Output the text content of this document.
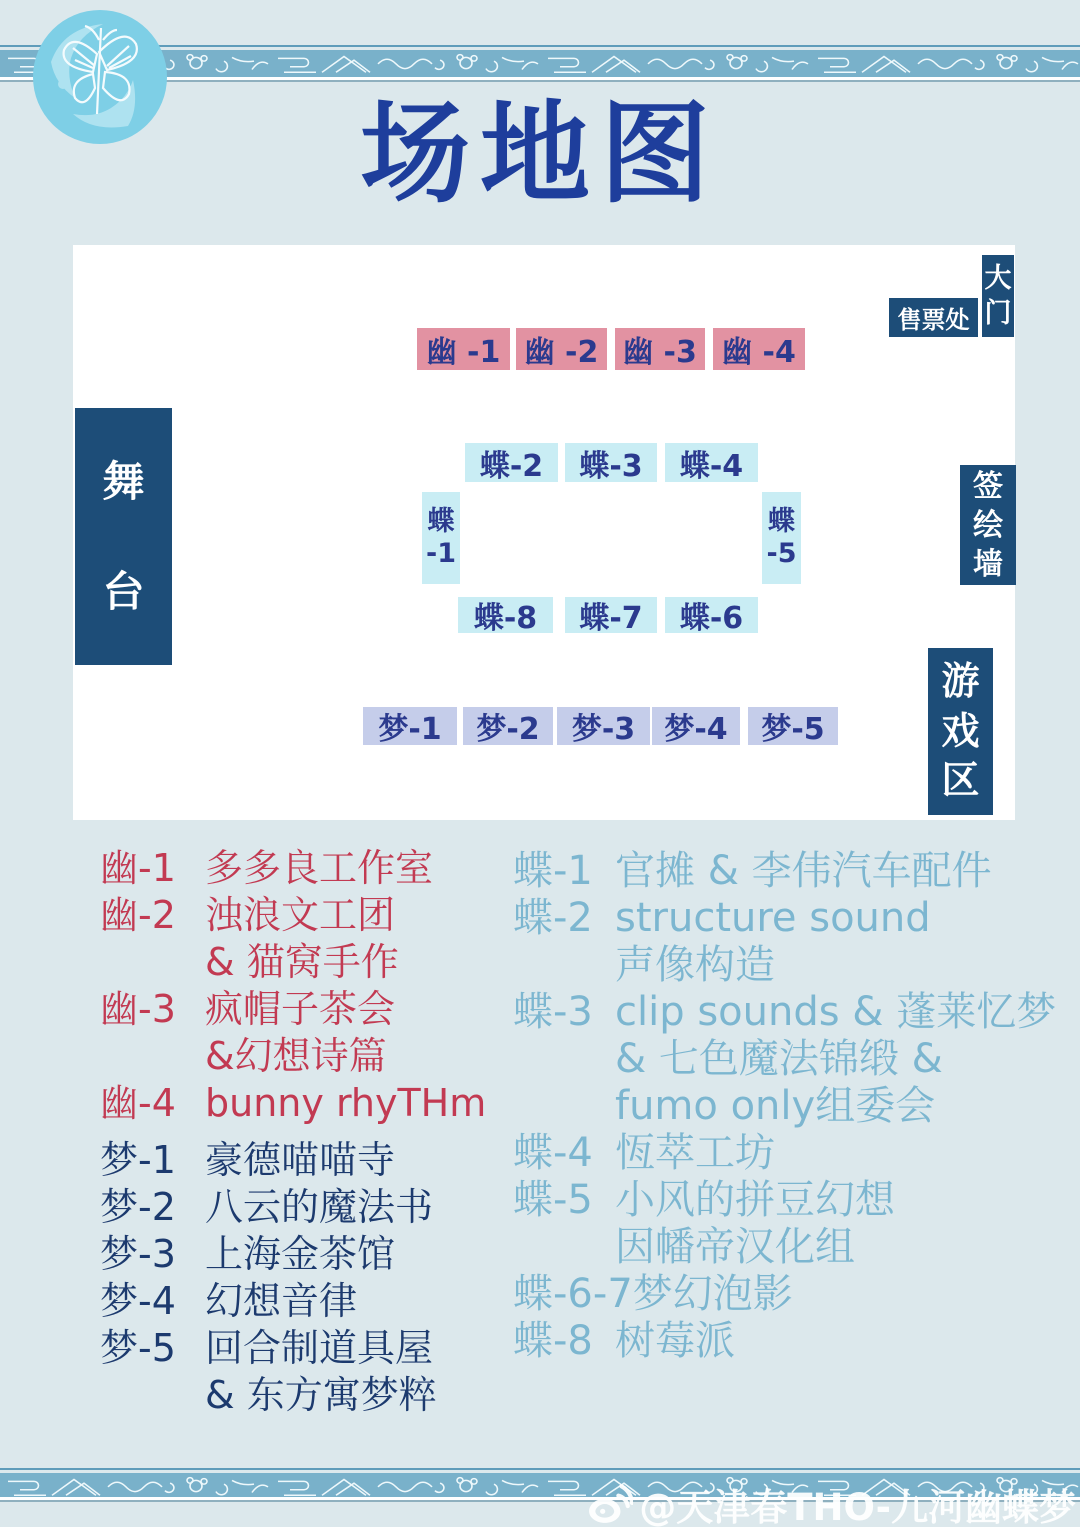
场地图
大门
售票处
舞台
签绘墙
游戏区
幽 -1 幽 -2 幽 -3 幽 -4
蝶-2	蝶-3	蝶-4
蝶
-1
蝶
-5
蝶-8	蝶-7	蝶-6
梦-1	梦-2	梦-3 梦-4	梦-5
幽-1 多多良工作室
幽-2 浊浪文工团
& 猫窝手作
幽-3 疯帽子茶会
&幻想诗篇
幽-4 bunny rhyTHm
梦-1 豪德喵喵寺
梦-2 八云的魔法书
梦-3 上海金茶馆
梦-4 幻想音律
梦-5 回合制道具屋
& 东方寓梦粹
蝶-1 官摊 & 李伟汽车配件
蝶-2 structure sound
声像构造
蝶-3 clip sounds & 蓬莱忆梦
& 七色魔法锦缎 &
fumo only组委会
蝶-4 恆萃工坊
蝶-5 小风的拼豆幻想
因幡帝汉化组
蝶-6-7 梦幻泡影
蝶-8 树莓派
@天津春THO-九河幽蝶梦
